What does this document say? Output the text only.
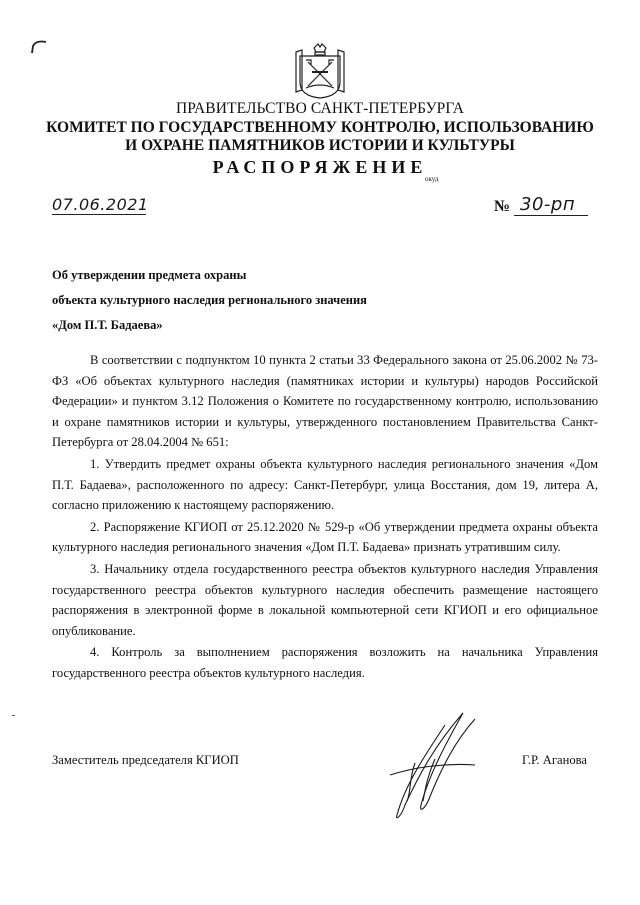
ПРАВИТЕЛЬСТВО САНКТ-ПЕТЕРБУРГА
КОМИТЕТ ПО ГОСУДАРСТВЕННОМУ КОНТРОЛЮ, ИСПОЛЬЗОВАНИЮ
И ОХРАНЕ ПАМЯТНИКОВ ИСТОРИИ И КУЛЬТУРЫ
РАСПОРЯЖЕНИЕ
окуд
07.06.2021	№ 30-рп
Об утверждении предмета охраны
объекта культурного наследия регионального значения
«Дом П.Т. Бадаева»

В соответствии с подпунктом 10 пункта 2 статьи 33 Федерального закона от 25.06.2002 № 73-ФЗ «Об объектах культурного наследия (памятниках истории и культуры) народов Российской Федерации» и пунктом 3.12 Положения о Комитете по государственному контролю, использованию и охране памятников истории и культуры, утвержденного постановлением Правительства Санкт-Петербурга от 28.04.2004 № 651:

1. Утвердить предмет охраны объекта культурного наследия регионального значения «Дом П.Т. Бадаева», расположенного по адресу: Санкт-Петербург, улица Восстания, дом 19, литера А, согласно приложению к настоящему распоряжению.

2. Распоряжение КГИОП от 25.12.2020 № 529-р «Об утверждении предмета охраны объекта культурного наследия регионального значения «Дом П.Т. Бадаева» признать утратившим силу.

3. Начальнику отдела государственного реестра объектов культурного наследия Управления государственного реестра объектов культурного наследия обеспечить размещение настоящего распоряжения в электронной форме в локальной компьютерной сети КГИОП и его официальное опубликование.

4. Контроль за выполнением распоряжения возложить на начальника Управления государственного реестра объектов культурного наследия.

Заместитель председателя КГИОП	Г.Р. Аганова
